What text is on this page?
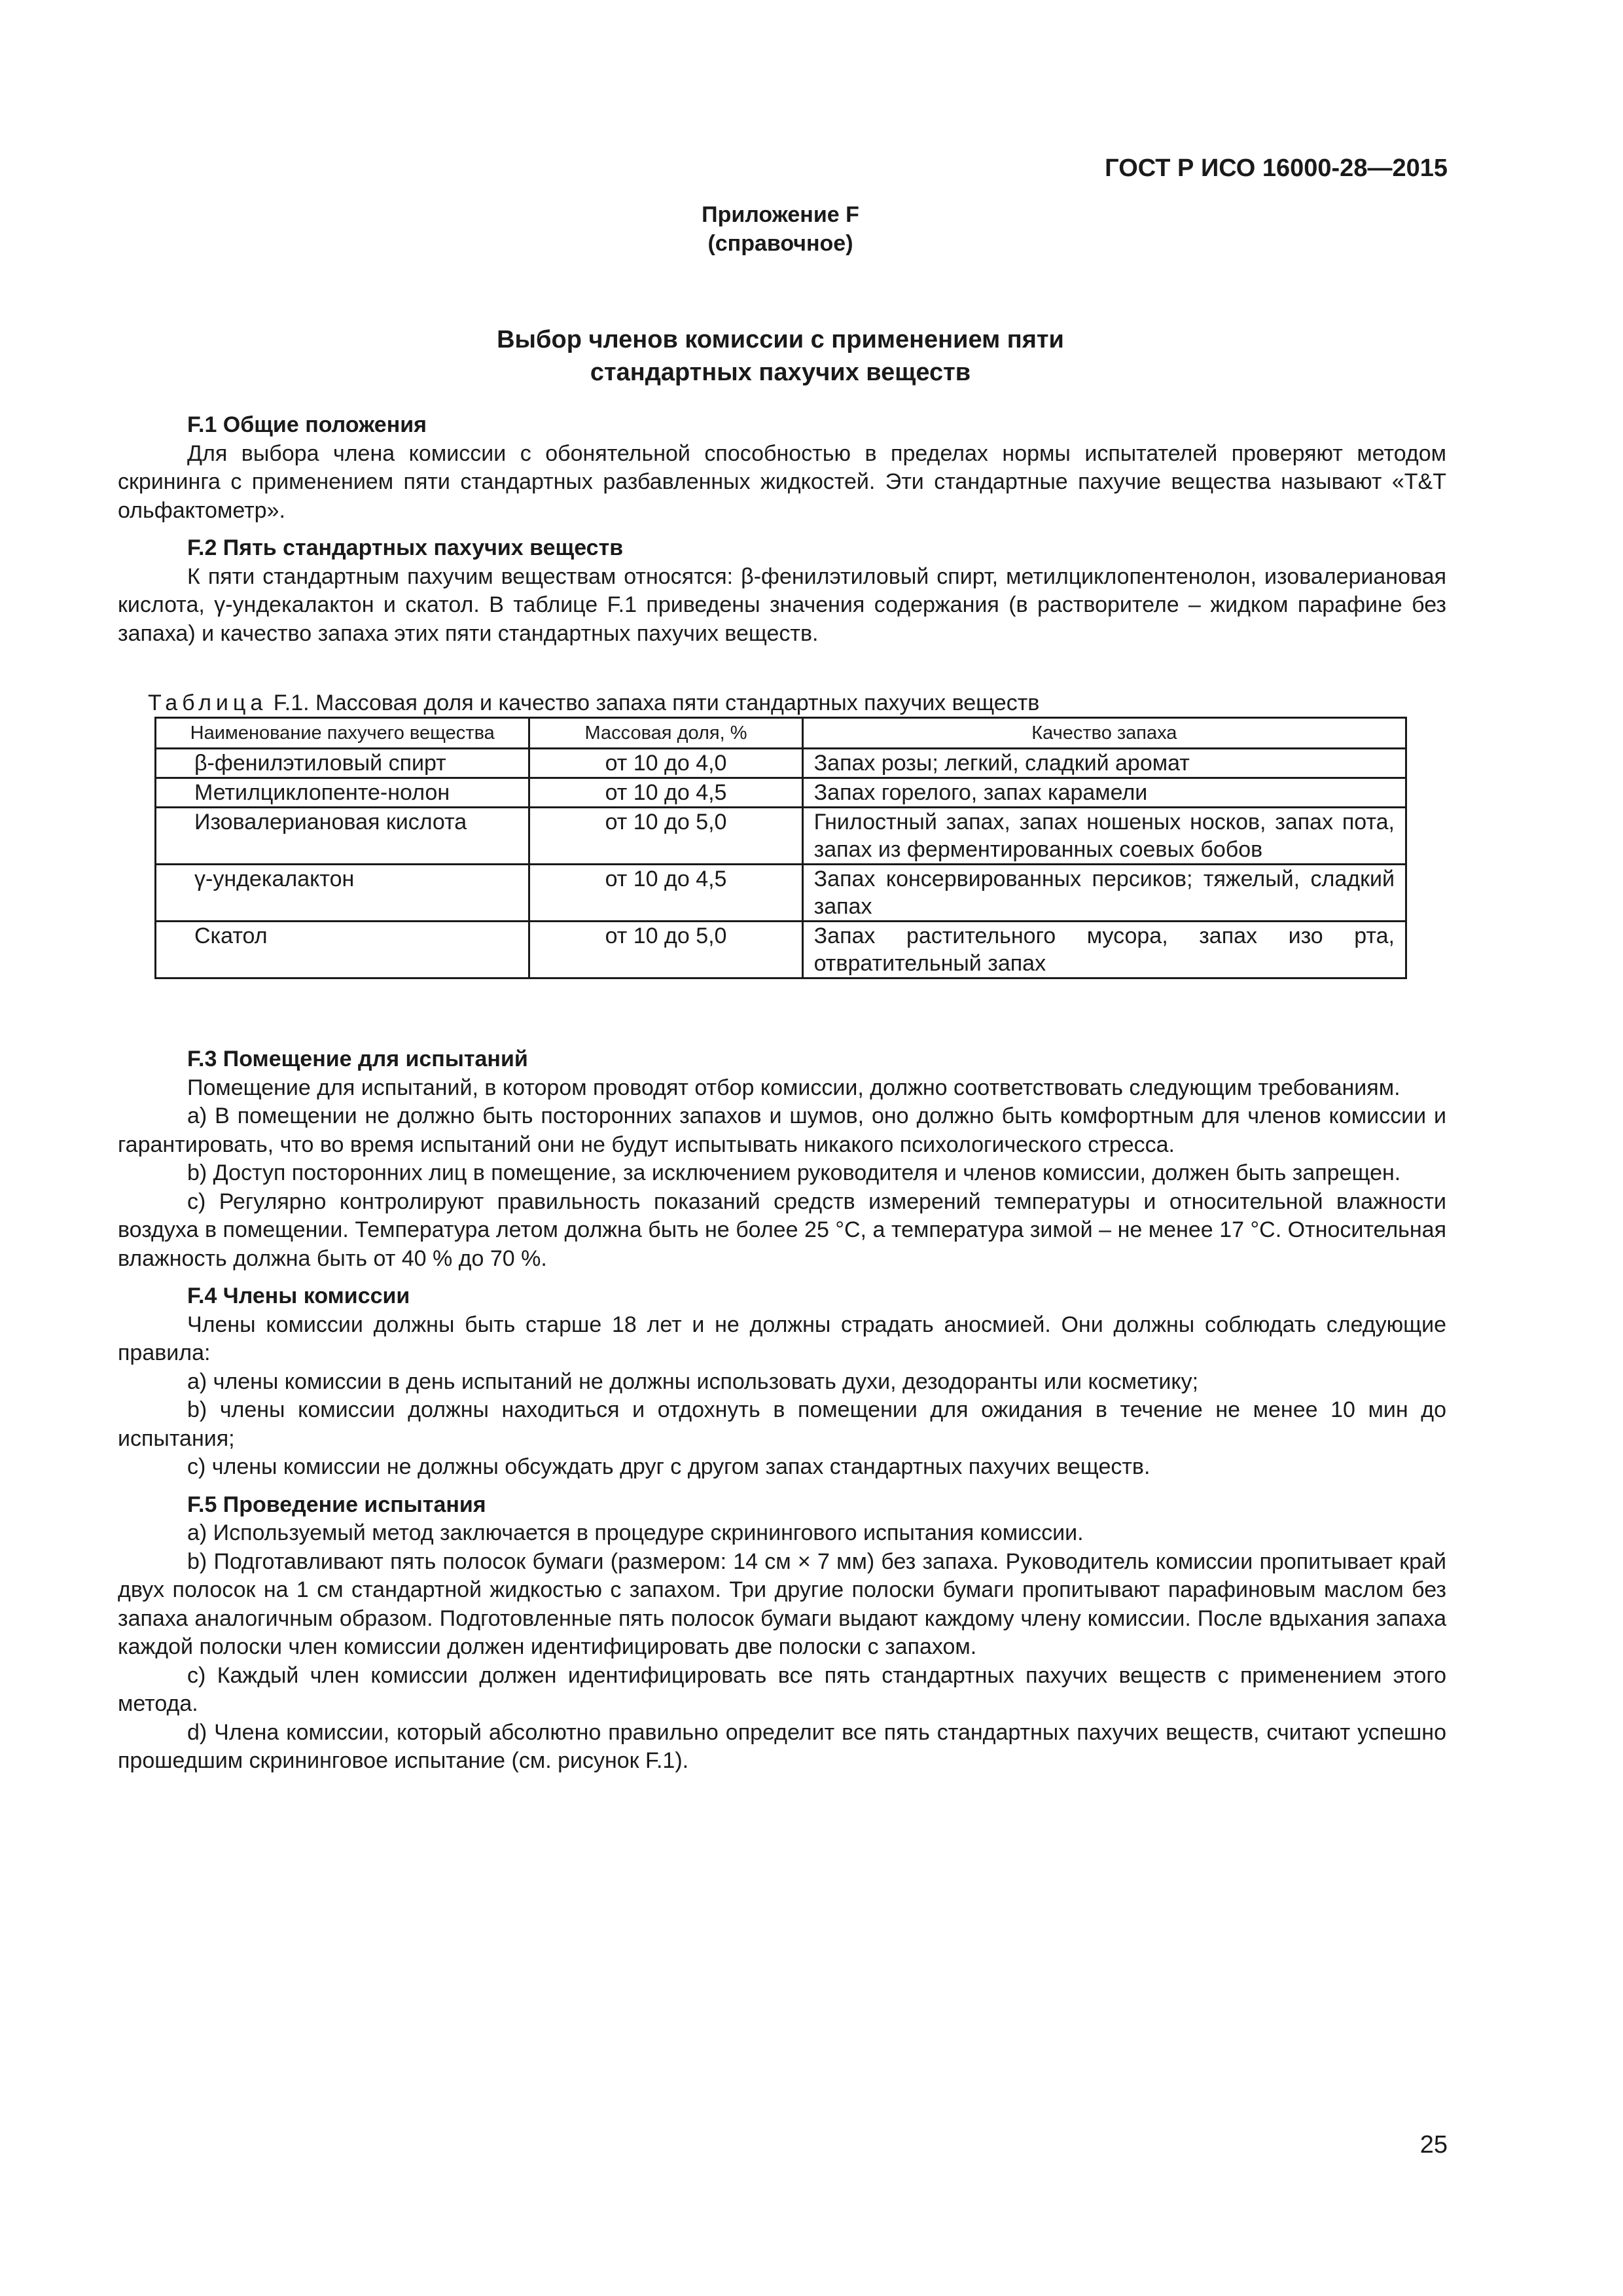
ГОСТ Р ИСО 16000-28—2015
Приложение F
(справочное)
Выбор членов комиссии с применением пяти
стандартных пахучих веществ

F.1 Общие положения

Для выбора члена комиссии с обонятельной способностью в пределах нормы испытателей проверяют методом скрининга с применением пяти стандартных разбавленных жидкостей. Эти стандартные пахучие вещества называют «T&T ольфактометр».

F.2 Пять стандартных пахучих веществ

К пяти стандартным пахучим веществам относятся: β-фенилэтиловый спирт, метилциклопентенолон, изовалериановая кислота, γ-ундекалактон и скатол. В таблице F.1 приведены значения содержания (в растворителе – жидком парафине без запаха) и качество запаха этих пяти стандартных пахучих веществ.

Таблица F.1. Массовая доля и качество запаха пяти стандартных пахучих веществ
Наименование пахучего вещества	Массовая доля, %	Качество запаха
β-фенилэтиловый спирт	от 10 до 4,0	Запах розы; легкий, сладкий аромат
Метилциклопенте-нолон	от 10 до 4,5	Запах горелого, запах карамели
Изовалериановая кислота	от 10 до 5,0	Гнилостный запах, запах ношеных носков, запах пота, запах из ферментированных соевых бобов
γ-ундекалактон	от 10 до 4,5	Запах консервированных персиков; тяжелый, сладкий запах
Скатол	от 10 до 5,0	Запах растительного мусора, запах изо рта, отвратительный запах

F.3 Помещение для испытаний

Помещение для испытаний, в котором проводят отбор комиссии, должно соответствовать следующим требованиям.

a) В помещении не должно быть посторонних запахов и шумов, оно должно быть комфортным для членов комиссии и гарантировать, что во время испытаний они не будут испытывать никакого психологического стресса.

b) Доступ посторонних лиц в помещение, за исключением руководителя и членов комиссии, должен быть запрещен.

c) Регулярно контролируют правильность показаний средств измерений температуры и относительной влажности воздуха в помещении. Температура летом должна быть не более 25 °C, а температура зимой – не менее 17 °C. Относительная влажность должна быть от 40 % до 70 %.

F.4 Члены комиссии

Члены комиссии должны быть старше 18 лет и не должны страдать аносмией. Они должны соблюдать следующие правила:

a) члены комиссии в день испытаний не должны использовать духи, дезодоранты или косметику;

b) члены комиссии должны находиться и отдохнуть в помещении для ожидания в течение не менее 10 мин до испытания;

c) члены комиссии не должны обсуждать друг с другом запах стандартных пахучих веществ.

F.5 Проведение испытания

a) Используемый метод заключается в процедуре скринингового испытания комиссии.

b) Подготавливают пять полосок бумаги (размером: 14 см × 7 мм) без запаха. Руководитель комиссии пропитывает край двух полосок на 1 см стандартной жидкостью с запахом. Три другие полоски бумаги пропитывают парафиновым маслом без запаха аналогичным образом. Подготовленные пять полосок бумаги выдают каждому члену комиссии. После вдыхания запаха каждой полоски член комиссии должен идентифицировать две полоски с запахом.

c) Каждый член комиссии должен идентифицировать все пять стандартных пахучих веществ с применением этого метода.

d) Члена комиссии, который абсолютно правильно определит все пять стандартных пахучих веществ, считают успешно прошедшим скрининговое испытание (см. рисунок F.1).

25
